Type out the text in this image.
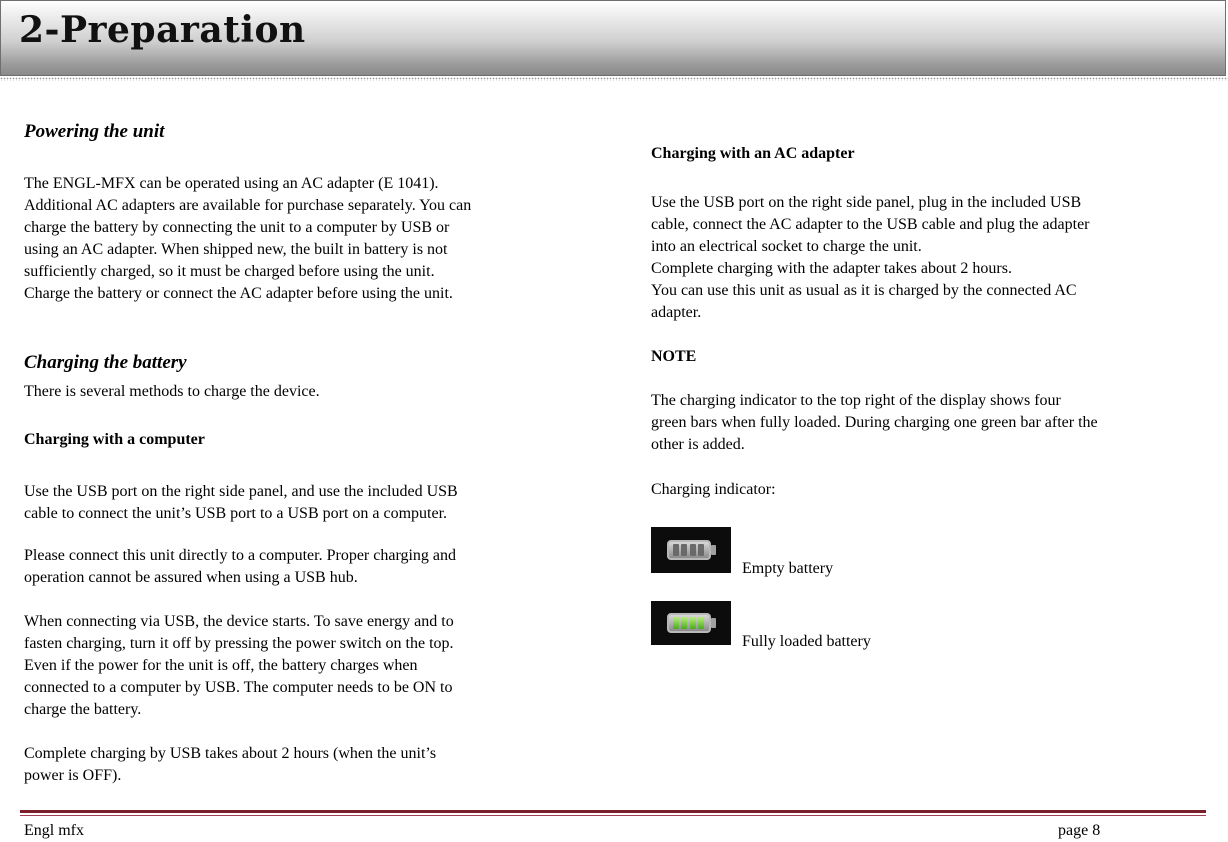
2-Preparation
Powering the unit

The ENGL-MFX can be operated using an AC adapter (E 1041).

Additional AC adapters are available for purchase separately. You can

charge the battery by connecting the unit to a computer by USB or

using an AC adapter. When shipped new, the built in battery is not

sufficiently charged, so it must be charged before using the unit.

Charge the battery or connect the AC adapter before using the unit.

Charging the battery
There is several methods to charge the device.
Charging with a computer

Use the USB port on the right side panel, and use the included USB

cable to connect the unit’s USB port to a USB port on a computer.

Please connect this unit directly to a computer. Proper charging and

operation cannot be assured when using a USB hub.

When connecting via USB, the device starts. To save energy and to

fasten charging, turn it off by pressing the power switch on the top.

Even if the power for the unit is off, the battery charges when

connected to a computer by USB. The computer needs to be ON to

charge the battery.

Complete charging by USB takes about 2 hours (when the unit’s

power is OFF).

Charging with an AC adapter

Use the USB port on the right side panel, plug in the included USB

cable, connect the AC adapter to the USB cable and plug the adapter

into an electrical socket to charge the unit.

Complete charging with the adapter takes about 2 hours.

You can use this unit as usual as it is charged by the connected AC

adapter.

NOTE

The charging indicator to the top right of the display shows four

green bars when fully loaded. During charging one green bar after the

other is added.

Charging indicator:
Empty battery
Fully loaded battery
Engl mfx	page 8
